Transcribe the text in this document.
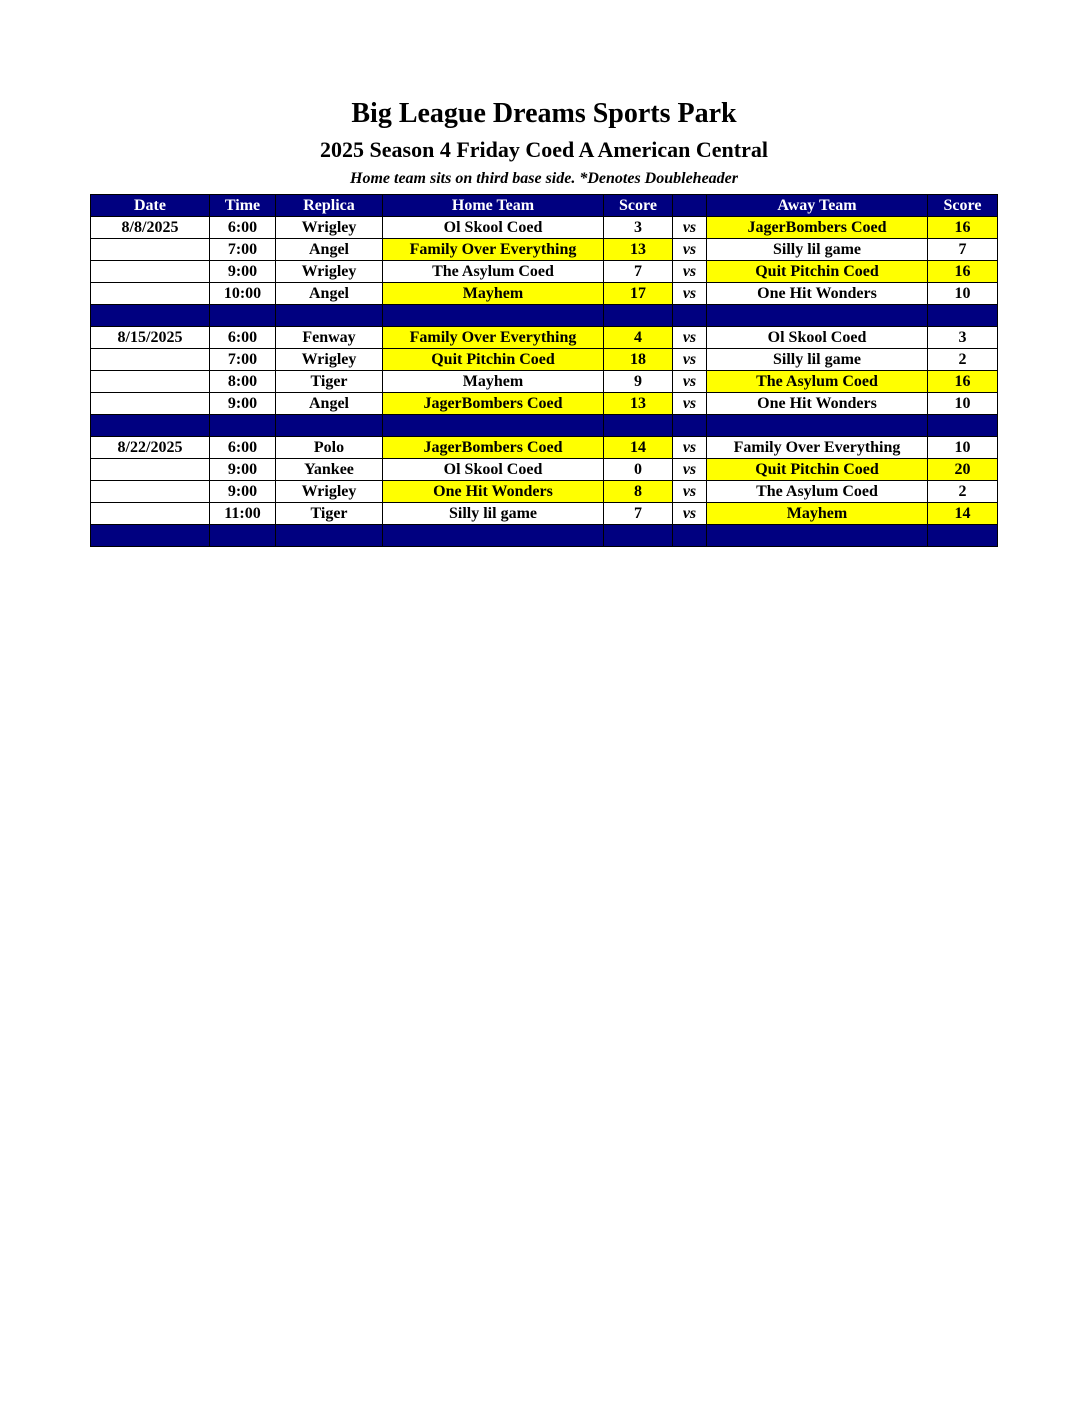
Big League Dreams Sports Park
2025 Season 4 Friday Coed A American Central
Home team sits on third base side. *Denotes Doubleheader
Date	Time	Replica	Home Team	Score		Away Team	Score
8/8/2025	6:00	Wrigley	Ol Skool Coed	3	vs	JagerBombers Coed	16
	7:00	Angel	Family Over Everything	13	vs	Silly lil game	7
	9:00	Wrigley	The Asylum Coed	7	vs	Quit Pitchin Coed	16
	10:00	Angel	Mayhem	17	vs	One Hit Wonders	10

8/15/2025	6:00	Fenway	Family Over Everything	4	vs	Ol Skool Coed	3
	7:00	Wrigley	Quit Pitchin Coed	18	vs	Silly lil game	2
	8:00	Tiger	Mayhem	9	vs	The Asylum Coed	16
	9:00	Angel	JagerBombers Coed	13	vs	One Hit Wonders	10

8/22/2025	6:00	Polo	JagerBombers Coed	14	vs	Family Over Everything	10
	9:00	Yankee	Ol Skool Coed	0	vs	Quit Pitchin Coed	20
	9:00	Wrigley	One Hit Wonders	8	vs	The Asylum Coed	2
	11:00	Tiger	Silly lil game	7	vs	Mayhem	14
